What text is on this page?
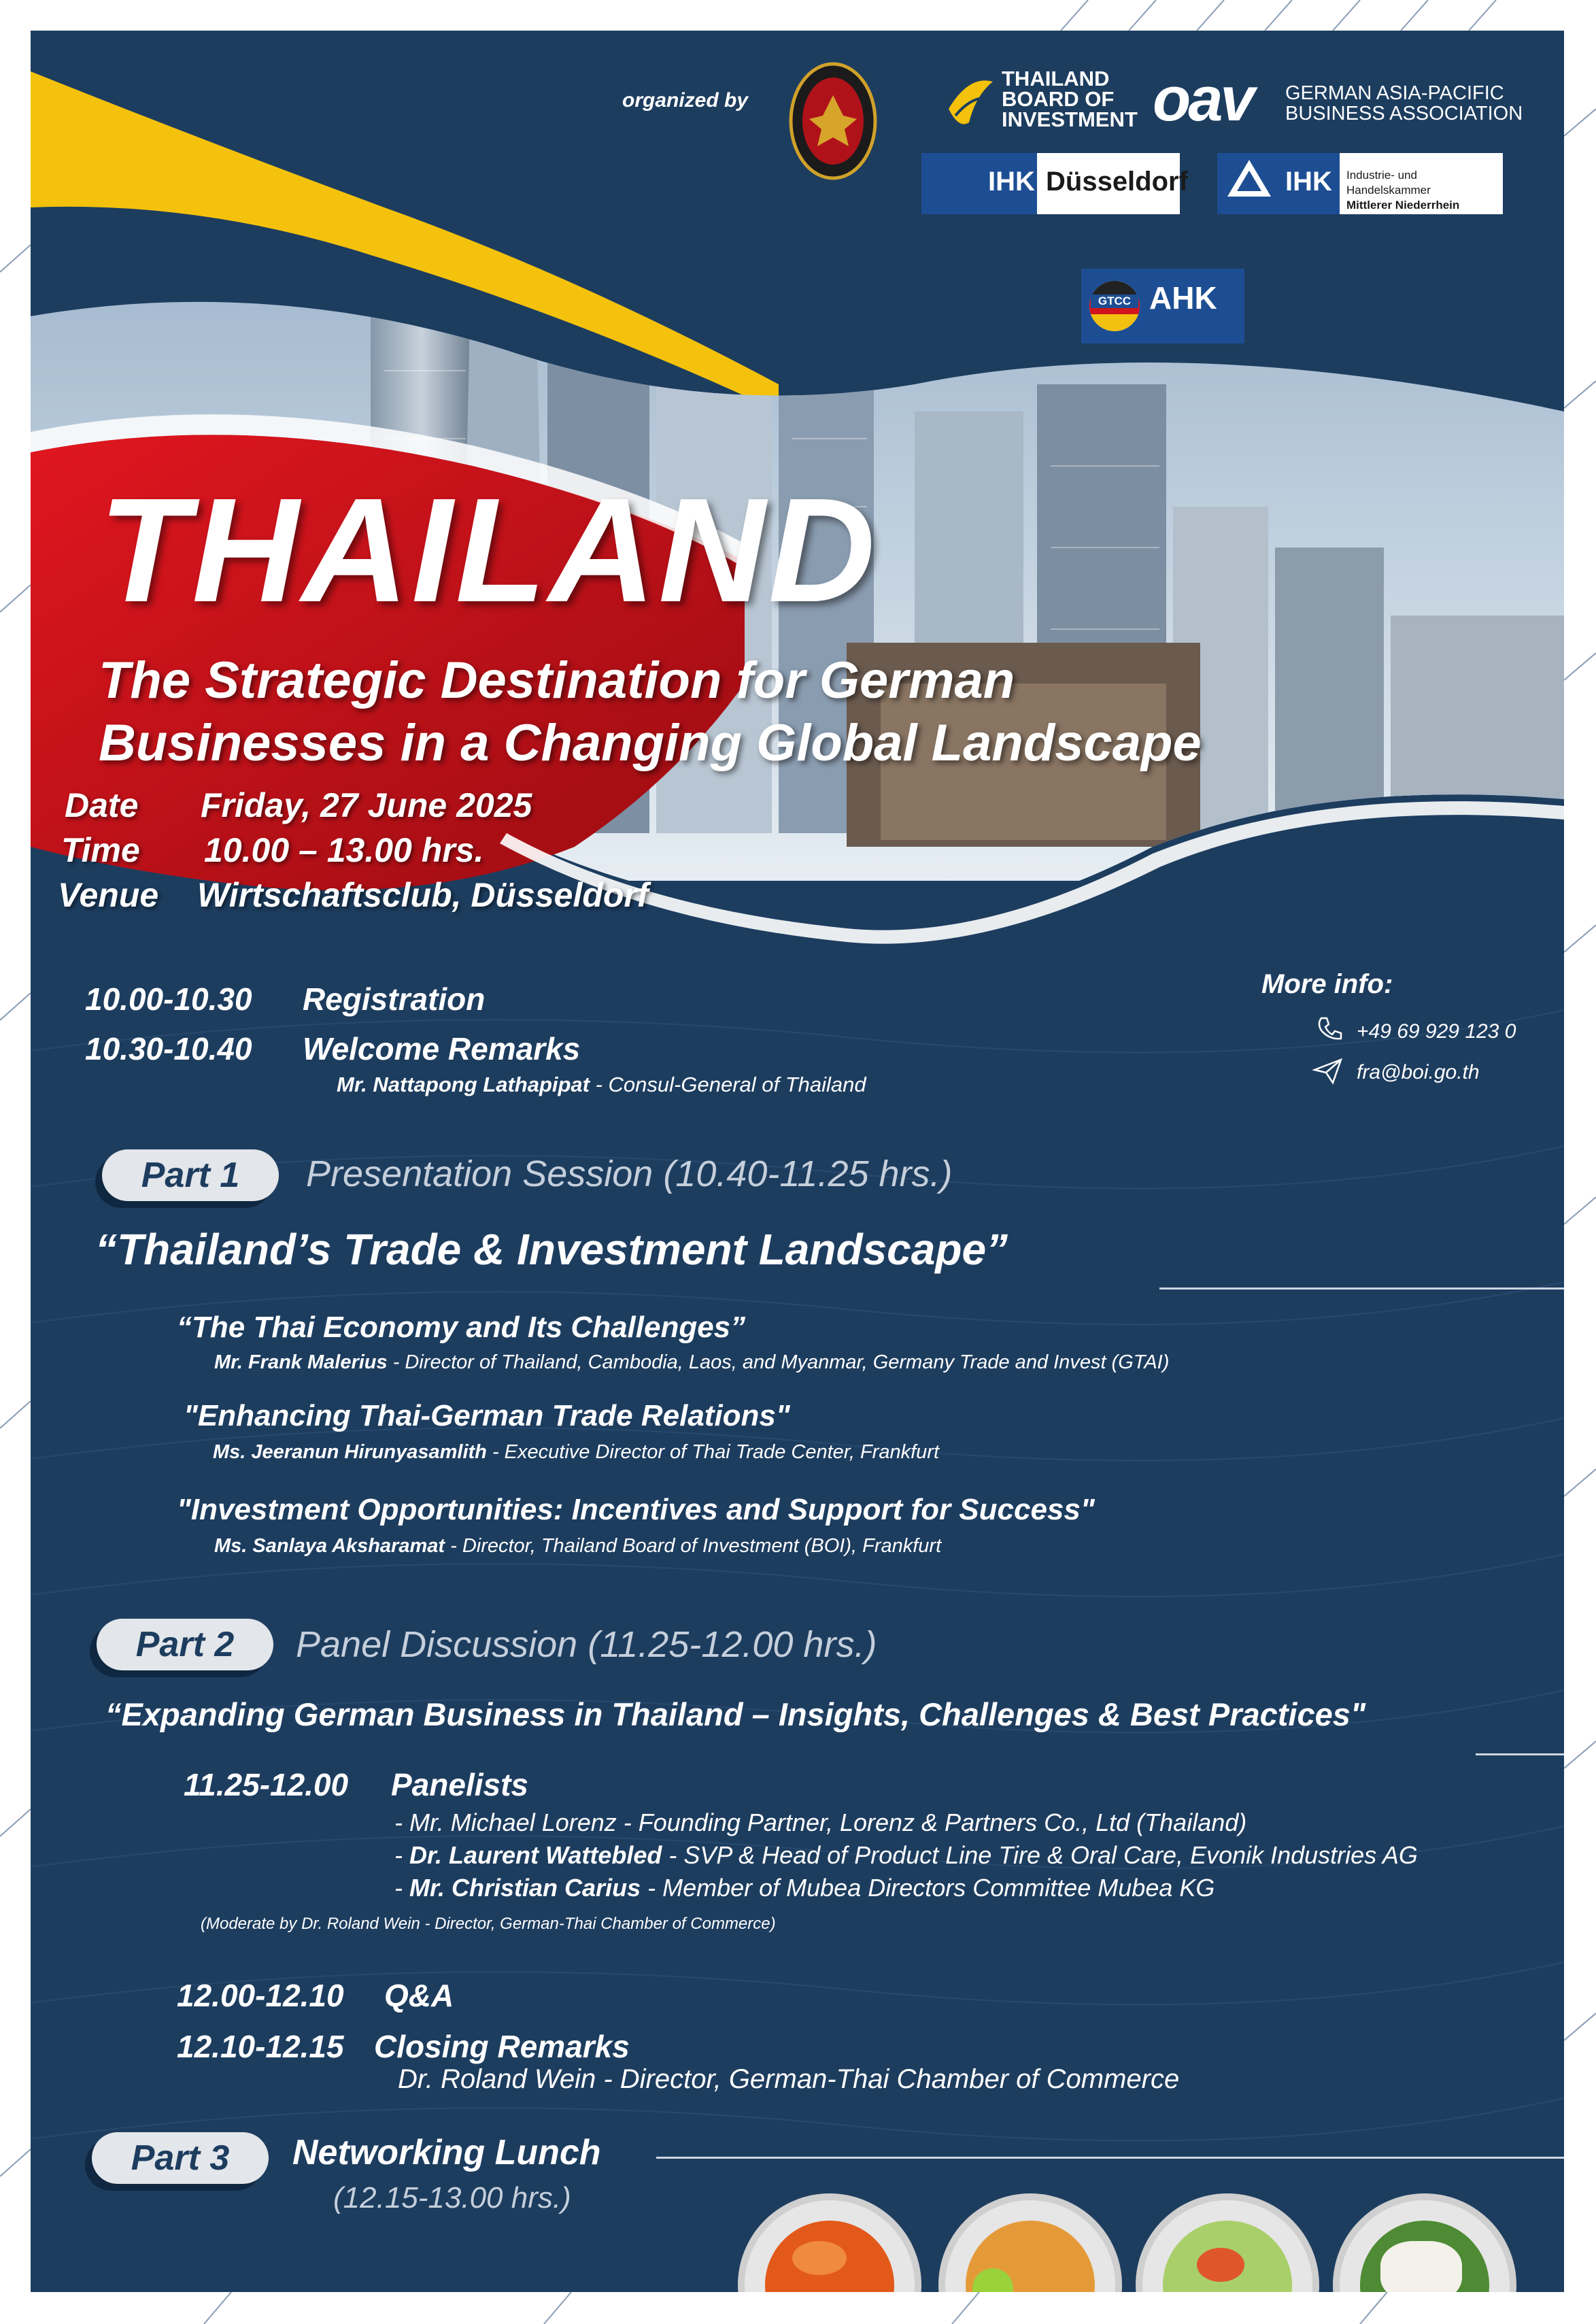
organized by
THAILAND
BOARD OF
INVESTMENT oav GERMAN ASIA-PACIFIC
BUSINESS ASSOCIATION
IHK Düsseldorf	IHK Industrie- und Handelskammer
Mittlerer Niederrhein
GTCC AHK
THAILAND
The Strategic Destination for German
Businesses in a Changing Global Landscape
Date Friday, 27 June 2025
Time 10.00 – 13.00 hrs.
Venue Wirtschaftsclub, Düsseldorf
More info:
+49 69 929 123 0
fra@boi.go.th
10.00-10.30 Registration
10.30-10.40 Welcome Remarks
Mr. Nattapong Lathapipat - Consul-General of Thailand
Part 1	Presentation Session (10.40-11.25 hrs.)
“Thailand’s Trade & Investment Landscape”
“The Thai Economy and Its Challenges”
Mr. Frank Malerius - Director of Thailand, Cambodia, Laos, and Myanmar, Germany Trade and Invest (GTAI)
"Enhancing Thai-German Trade Relations"
Ms. Jeeranun Hirunyasamlith - Executive Director of Thai Trade Center, Frankfurt
"Investment Opportunities: Incentives and Support for Success"
Ms. Sanlaya Aksharamat - Director, Thailand Board of Investment (BOI), Frankfurt
Part 2	Panel Discussion (11.25-12.00 hrs.)
“Expanding German Business in Thailand – Insights, Challenges & Best Practices"
11.25-12.00 Panelists
- Mr. Michael Lorenz - Founding Partner, Lorenz & Partners Co., Ltd (Thailand)
- Dr. Laurent Wattebled - SVP & Head of Product Line Tire & Oral Care, Evonik Industries AG
- Mr. Christian Carius - Member of Mubea Directors Committee Mubea KG
(Moderate by Dr. Roland Wein - Director, German-Thai Chamber of Commerce)
12.00-12.10 Q&A
12.10-12.15 Closing Remarks
Dr. Roland Wein - Director, German-Thai Chamber of Commerce
Part 3	Networking Lunch
(12.15-13.00 hrs.)
